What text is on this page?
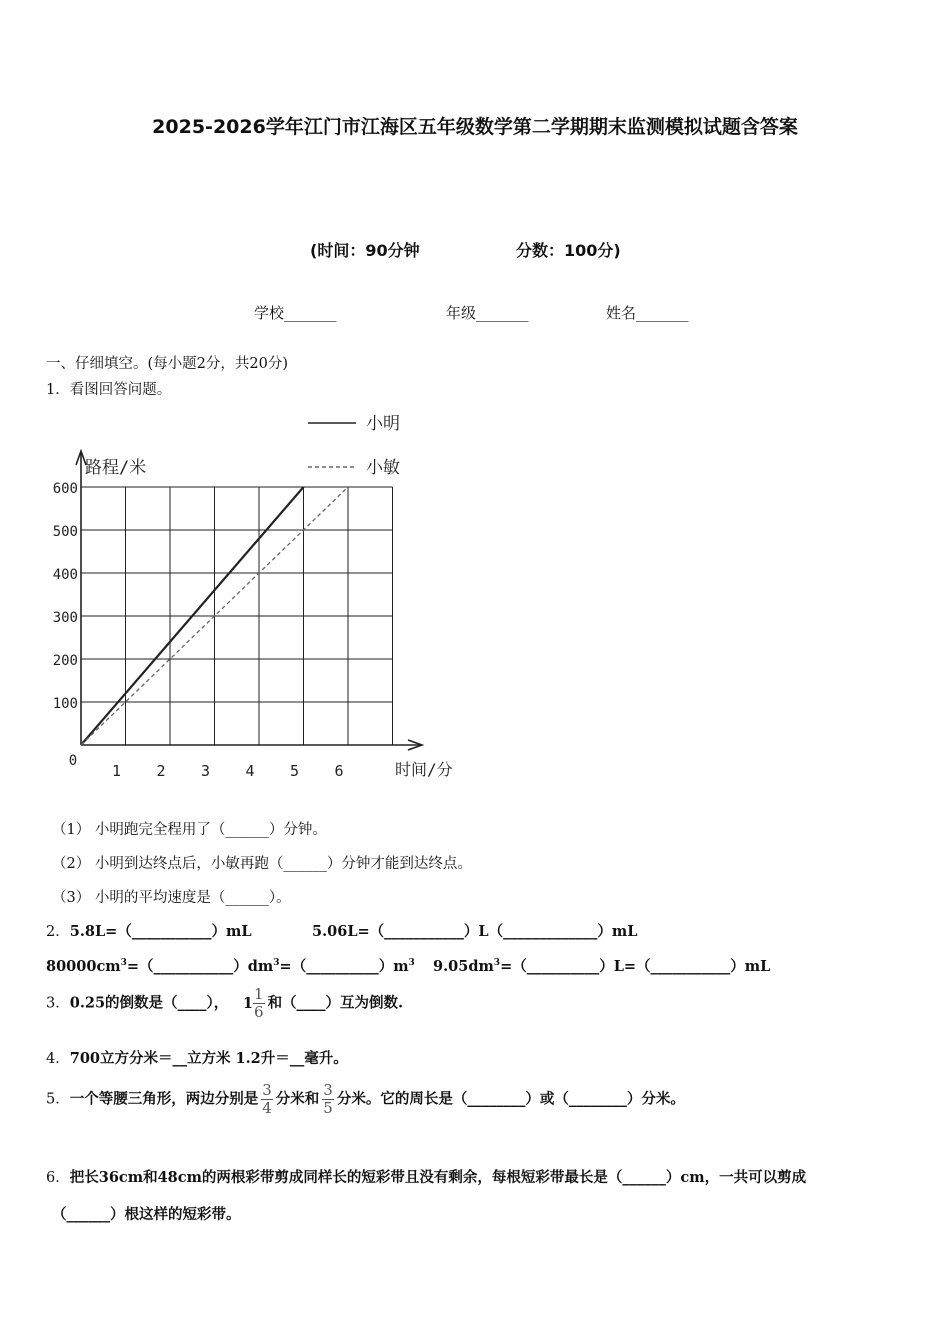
2025-2026学年江门市江海区五年级数学第二学期期末监测模拟试题含答案
(时间：90分钟	分数：100分)
学校_______	年级_______	姓名_______
一、仔细填空。(每小题2分，共20分)
1．看图回答问题。
1 2 3 4 5 6
100
200
300
400
500
600
0
路程/米
时间/分
小明
小敏
（1） 小明跑完全程用了（______）分钟。
（2） 小明到达终点后，小敏再跑（______）分钟才能到达终点。
（3） 小明的平均速度是（______）。
2．5.8L=（___________）mL	5.06L=（___________）L（_____________）mL
$80000cm^3=(\_\_\_\_\_\_\_\_\_\_\_)dm^3=(\_\_\_\_\_\_\_\_\_\_)m^3$ $9.05dm^3=(\_\_\_\_\_\_\_\_\_\_)L=(\_\_\_\_\_\_\_\_\_\_\_)mL$
3．0.25的倒数是（____）， $1 \frac{1}{6}$ 和（____）互为倒数.
4．700立方分米＝__立方米 1.2升＝__毫升。
5．一个等腰三角形，两边分别是 $\frac{3}{4}$ 分米和 $\frac{3}{5}$ 分米。它的周长是（________）或（________）分米。
6．把长36cm和48cm的两根彩带剪成同样长的短彩带且没有剩余，每根短彩带最长是（______）cm，一共可以剪成
（______）根这样的短彩带。
